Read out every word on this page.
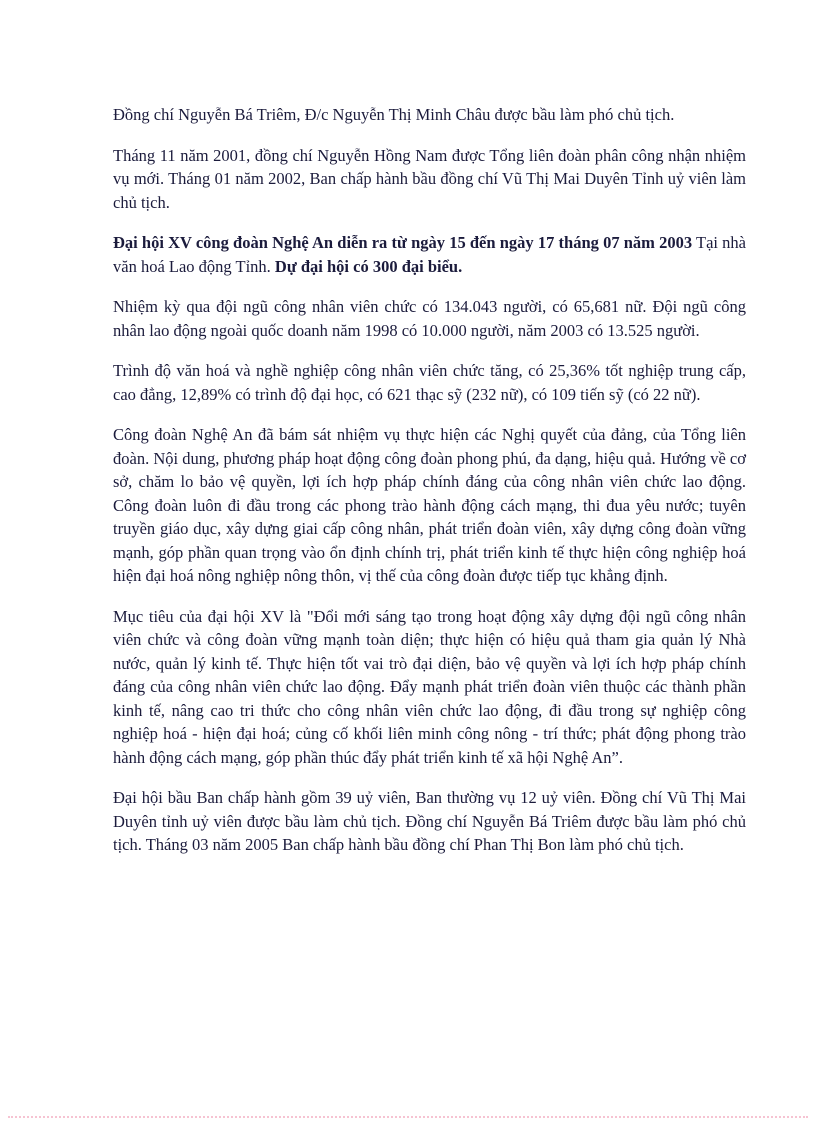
Đồng chí Nguyễn Bá Triêm, Đ/c Nguyễn Thị Minh Châu được bầu làm phó chủ tịch.

Tháng 11 năm 2001, đồng chí Nguyễn Hồng Nam được Tổng liên đoàn phân công nhận nhiệm vụ mới. Tháng 01 năm 2002, Ban chấp hành bầu đồng chí Vũ Thị Mai Duyên Tỉnh uỷ viên làm chủ tịch.

Đại hội XV công đoàn Nghệ An diễn ra từ ngày 15 đến ngày 17 tháng 07 năm 2003 Tại nhà văn hoá Lao động Tỉnh. Dự đại hội có 300 đại biểu.

Nhiệm kỳ qua đội ngũ công nhân viên chức có 134.043 người, có 65,681 nữ. Đội ngũ công nhân lao động ngoài quốc doanh năm 1998 có 10.000 người, năm 2003 có 13.525 người.

Trình độ văn hoá và nghề nghiệp công nhân viên chức tăng, có 25,36% tốt nghiệp trung cấp, cao đẳng, 12,89% có trình độ đại học, có 621 thạc sỹ (232 nữ), có 109 tiến sỹ (có 22 nữ).

Công đoàn Nghệ An đã bám sát nhiệm vụ thực hiện các Nghị quyết của đảng, của Tổng liên đoàn. Nội dung, phương pháp hoạt động công đoàn phong phú, đa dạng, hiệu quả. Hướng về cơ sở, chăm lo bảo vệ quyền, lợi ích hợp pháp chính đáng của công nhân viên chức lao động. Công đoàn luôn đi đầu trong các phong trào hành động cách mạng, thi đua yêu nước; tuyên truyền giáo dục, xây dựng giai cấp công nhân, phát triển đoàn viên, xây dựng công đoàn vững mạnh, góp phần quan trọng vào ổn định chính trị, phát triển kinh tế thực hiện công nghiệp hoá hiện đại hoá nông nghiệp nông thôn, vị thế của công đoàn được tiếp tục khẳng định.

Mục tiêu của đại hội XV là "Đổi mới sáng tạo trong hoạt động xây dựng đội ngũ công nhân viên chức và công đoàn vững mạnh toàn diện; thực hiện có hiệu quả tham gia quản lý Nhà nước, quản lý kinh tế. Thực hiện tốt vai trò đại diện, bảo vệ quyền và lợi ích hợp pháp chính đáng của công nhân viên chức lao động. Đẩy mạnh phát triển đoàn viên thuộc các thành phần kinh tế, nâng cao tri thức cho công nhân viên chức lao động, đi đầu trong sự nghiệp công nghiệp hoá - hiện đại hoá; củng cố khối liên minh công nông - trí thức; phát động phong trào hành động cách mạng, góp phần thúc đẩy phát triển kinh tế xã hội Nghệ An”.

Đại hội bầu Ban chấp hành gồm 39 uỷ viên, Ban thường vụ 12 uỷ viên. Đồng chí Vũ Thị Mai Duyên tỉnh uỷ viên được bầu làm chủ tịch. Đồng chí Nguyễn Bá Triêm được bầu làm phó chủ tịch. Tháng 03 năm 2005 Ban chấp hành bầu đồng chí Phan Thị Bon làm phó chủ tịch.
